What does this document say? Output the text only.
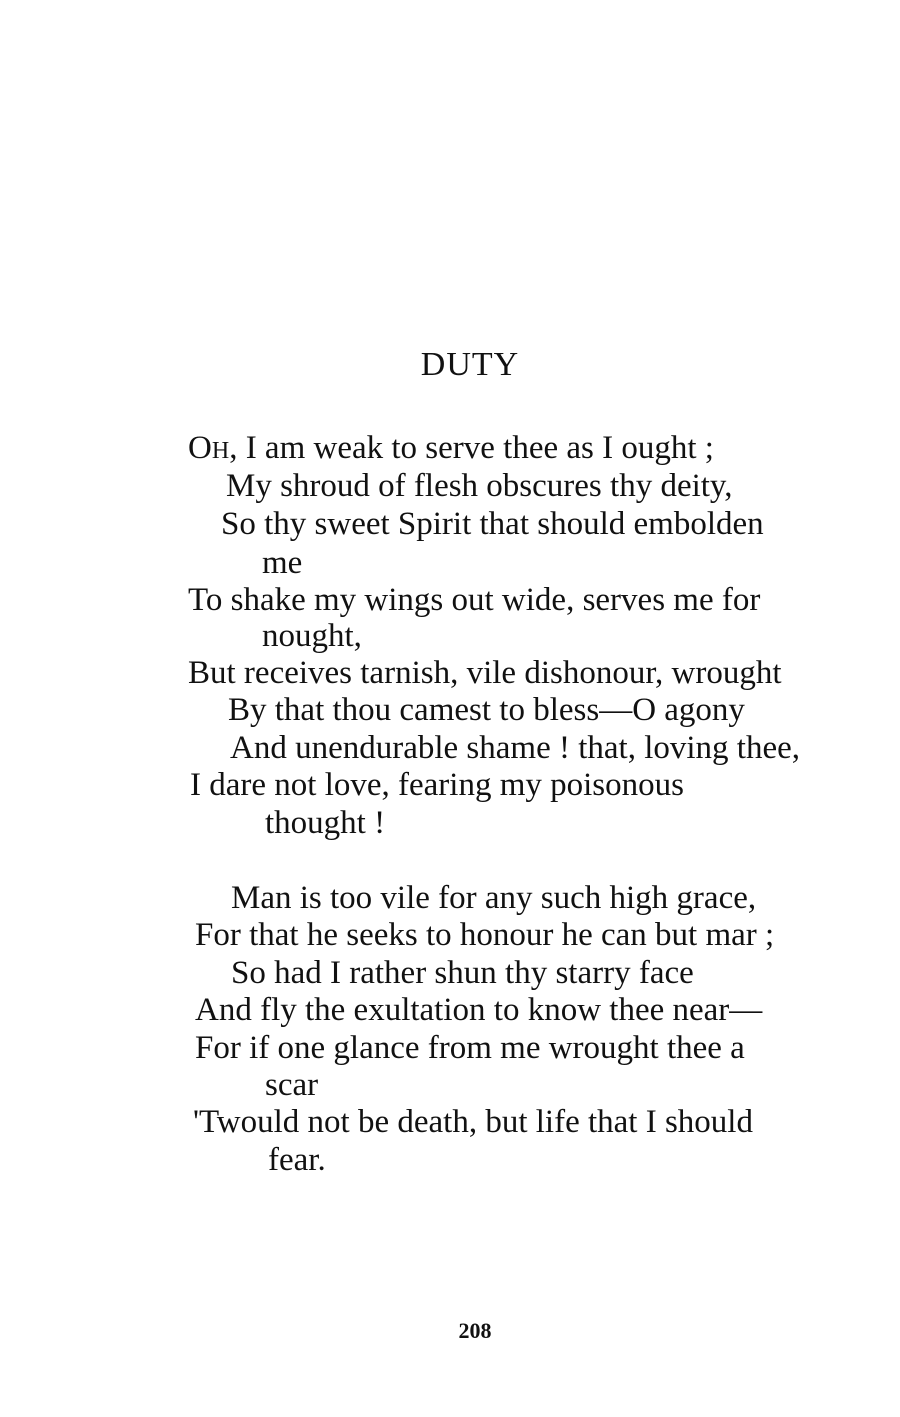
DUTY
OH, I am weak to serve thee as I ought ;
My shroud of flesh obscures thy deity,
So thy sweet Spirit that should embolden
me
To shake my wings out wide, serves me for
nought,
But receives tarnish, vile dishonour, wrought
By that thou camest to bless—O agony
And unendurable shame ! that, loving thee,
I dare not love, fearing my poisonous
thought !
Man is too vile for any such high grace,
For that he seeks to honour he can but mar ;
So had I rather shun thy starry face
And fly the exultation to know thee near—
For if one glance from me wrought thee a
scar
'Twould not be death, but life that I should
fear.
208
